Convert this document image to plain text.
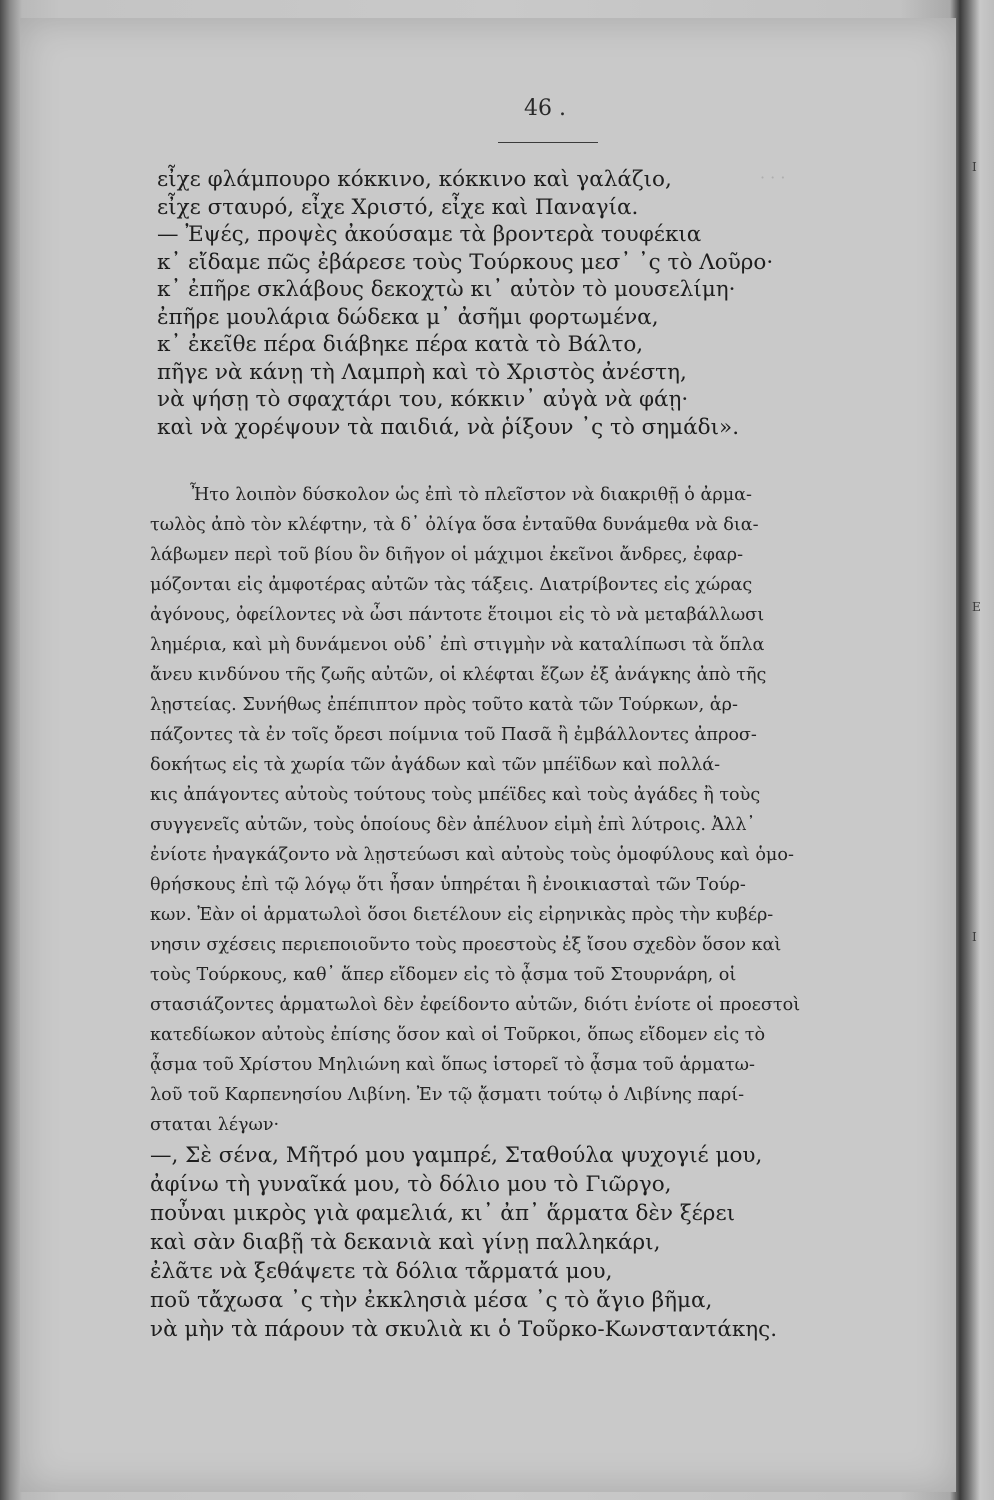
Ι
Ε
Ι
· · ·
46 .
εἶχε φλάμπουρο κόκκινο, κόκκινο καὶ γαλάζιο,
εἶχε σταυρό, εἶχε Χριστό, εἶχε καὶ Παναγία.
— Ἐψές, προψὲς ἀκούσαμε τὰ βροντερὰ τουφέκια
κ᾽ εἴδαμε πῶς ἐβάρεσε τοὺς Τούρκους μεσ᾽ ᾽ς τὸ Λοῦρο·
κ᾽ ἐπῆρε σκλάβους δεκοχτὼ κι᾽ αὐτὸν τὸ μουσελίμη·
ἐπῆρε μουλάρια δώδεκα μ᾽ ἀσῆμι φορτωμένα,
κ᾽ ἐκεῖθε πέρα διάβηκε πέρα κατὰ τὸ Βάλτο,
πῆγε νὰ κάνῃ τὴ Λαμπρὴ καὶ τὸ Χριστὸς ἀνέστη,
νὰ ψήσῃ τὸ σφαχτάρι του, κόκκιν᾽ αὐγὰ νὰ φάῃ·
καὶ νὰ χορέψουν τὰ παιδιά, νὰ ῥίξουν ᾽ς τὸ σημάδι».
Ἦτο λοιπὸν δύσκολον ὡς ἐπὶ τὸ πλεῖστον νὰ διακριθῇ ὁ ἀρμα-
τωλὸς ἀπὸ τὸν κλέφτην, τὰ δ᾽ ὀλίγα ὅσα ἐνταῦθα δυνάμεθα νὰ δια-
λάβωμεν περὶ τοῦ βίου ὃν διῆγον οἱ μάχιμοι ἐκεῖνοι ἄνδρες, ἐφαρ-
μόζονται εἰς ἀμφοτέρας αὐτῶν τὰς τάξεις. Διατρίβοντες εἰς χώρας
ἀγόνους, ὀφείλοντες νὰ ὦσι πάντοτε ἕτοιμοι εἰς τὸ νὰ μεταβάλλωσι
λημέρια, καὶ μὴ δυνάμενοι οὐδ᾽ ἐπὶ στιγμὴν νὰ καταλίπωσι τὰ ὅπλα
ἄνευ κινδύνου τῆς ζωῆς αὐτῶν, οἱ κλέφται ἔζων ἐξ ἀνάγκης ἀπὸ τῆς
λῃστείας. Συνήθως ἐπέπιπτον πρὸς τοῦτο κατὰ τῶν Τούρκων, ἁρ-
πάζοντες τὰ ἐν τοῖς ὄρεσι ποίμνια τοῦ Πασᾶ ἢ ἐμβάλλοντες ἀπροσ-
δοκήτως εἰς τὰ χωρία τῶν ἀγάδων καὶ τῶν μπέϊδων καὶ πολλά-
κις ἀπάγοντες αὐτοὺς τούτους τοὺς μπέϊδες καὶ τοὺς ἀγάδες ἢ τοὺς
συγγενεῖς αὐτῶν, τοὺς ὁποίους δὲν ἀπέλυον εἰμὴ ἐπὶ λύτροις. Ἀλλ᾽
ἐνίοτε ἠναγκάζοντο νὰ λῃστεύωσι καὶ αὐτοὺς τοὺς ὁμοφύλους καὶ ὁμο-
θρήσκους ἐπὶ τῷ λόγῳ ὅτι ἦσαν ὑπηρέται ἢ ἐνοικιασταὶ τῶν Τούρ-
κων. Ἐὰν οἱ ἁρματωλοὶ ὅσοι διετέλουν εἰς εἰρηνικὰς πρὸς τὴν κυβέρ-
νησιν σχέσεις περιεποιοῦντο τοὺς προεστοὺς ἐξ ἴσου σχεδὸν ὅσον καὶ
τοὺς Τούρκους, καθ᾽ ἅπερ εἴδομεν εἰς τὸ ᾆσμα τοῦ Στουρνάρη, οἱ
στασιάζοντες ἁρματωλοὶ δὲν ἐφείδοντο αὐτῶν, διότι ἐνίοτε οἱ προεστοὶ
κατεδίωκον αὐτοὺς ἐπίσης ὅσον καὶ οἱ Τοῦρκοι, ὅπως εἴδομεν εἰς τὸ
ᾆσμα τοῦ Χρίστου Μηλιώνη καὶ ὅπως ἱστορεῖ τὸ ᾆσμα τοῦ ἁρματω-
λοῦ τοῦ Καρπενησίου Λιβίνη. Ἐν τῷ ᾄσματι τούτῳ ὁ Λιβίνης παρί-
σταται λέγων·
—, Σὲ σένα, Μῆτρό μου γαμπρέ, Σταθούλα ψυχογιέ μου,
ἀφίνω τὴ γυναῖκά μου, τὸ δόλιο μου τὸ Γιῶργο,
ποὖναι μικρὸς γιὰ φαμελιά, κι᾽ ἀπ᾽ ἅρματα δὲν ξέρει
καὶ σὰν διαβῇ τὰ δεκανιὰ καὶ γίνῃ παλληκάρι,
ἐλᾶτε νὰ ξεθάψετε τὰ δόλια τἄρματά μου,
ποῦ τἄχωσα ᾽ς τὴν ἐκκλησιὰ μέσα ᾽ς τὸ ἅγιο βῆμα,
νὰ μὴν τὰ πάρουν τὰ σκυλιὰ κι ὁ Τοῦρκο-Κωνσταντάκης.
